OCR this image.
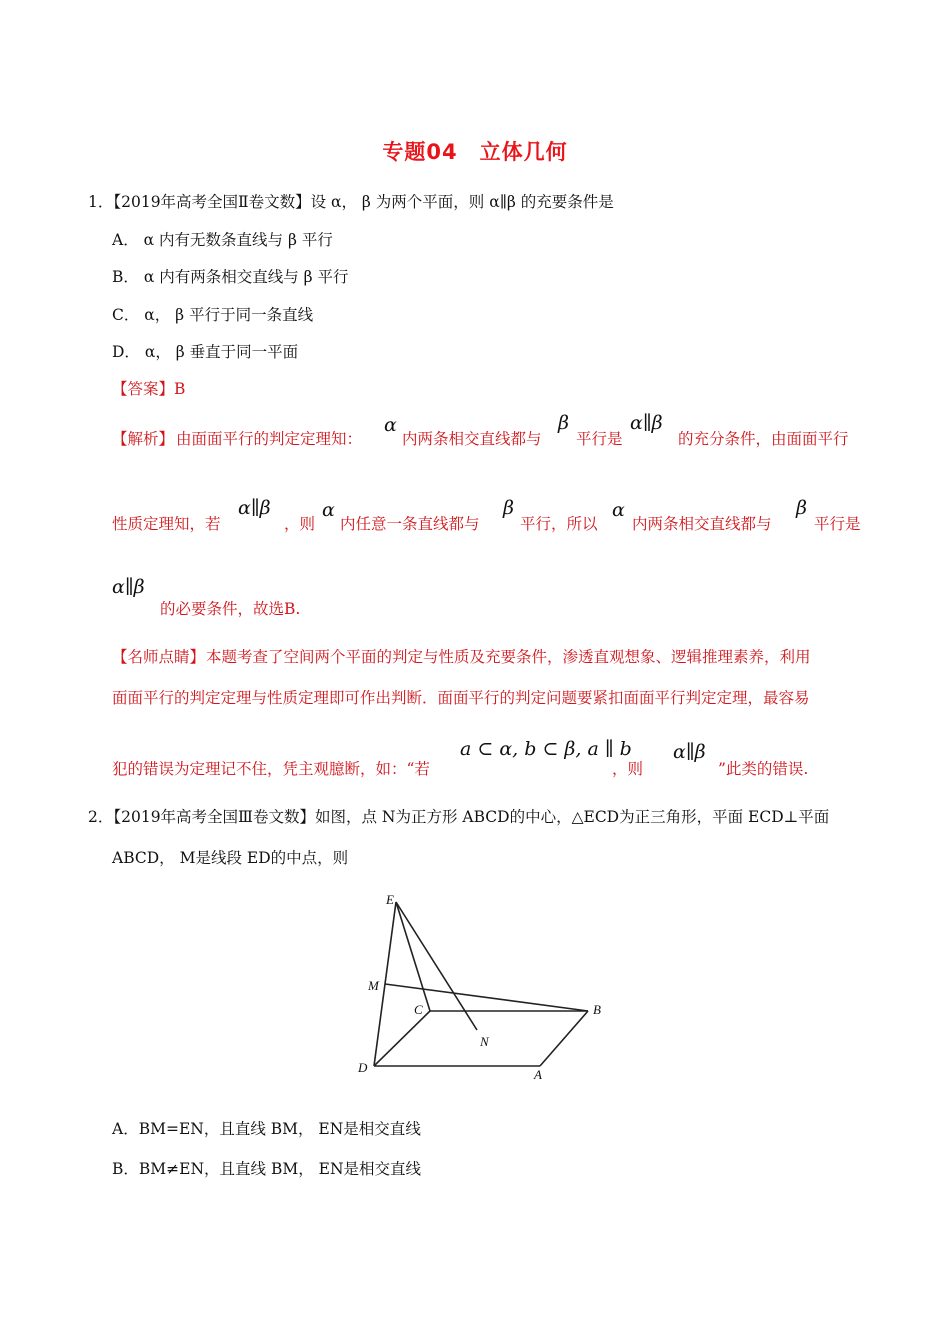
专题04　立体几何
1．【2019年高考全国Ⅱ卷文数】设 α， β 为两个平面，则 α∥β 的充要条件是
A． α 内有无数条直线与 β 平行
B． α 内有两条相交直线与 β 平行
C． α， β 平行于同一条直线
D． α， β 垂直于同一平面
【答案】B
【解析】 由面面平行的判定定理知：
α
内两条相交直线都与
β
平行是
α∥β
的充分条件，由面面平行
性质定理知，若
α∥β
，则
α
内任意一条直线都与
β
平行，所以
α
内两条相交直线都与
β
平行是
α∥β
的必要条件，故选B.
【名师点睛】 本题考查了空间两个平面的判定与性质及充要条件，渗透直观想象、逻辑推理素养，利用
面面平行的判定定理与性质定理即可作出判断．面面平行的判定问题要紧扣面面平行判定定理，最容易
犯的错误为定理记不住，凭主观臆断，如：“若
a ⊂ α, b ⊂ β, a ∥ b
，则
α∥β
”此类的错误.
2．【2019年高考全国Ⅲ卷文数】如图，点 N为正方形 ABCD的中心，△ECD为正三角形，平面 ECD⊥平面
ABCD， M是线段 ED的中点，则
E
M
C	B
N
D	A
A．BM=EN，且直线 BM， EN是相交直线
B．BM≠EN，且直线 BM， EN是相交直线
